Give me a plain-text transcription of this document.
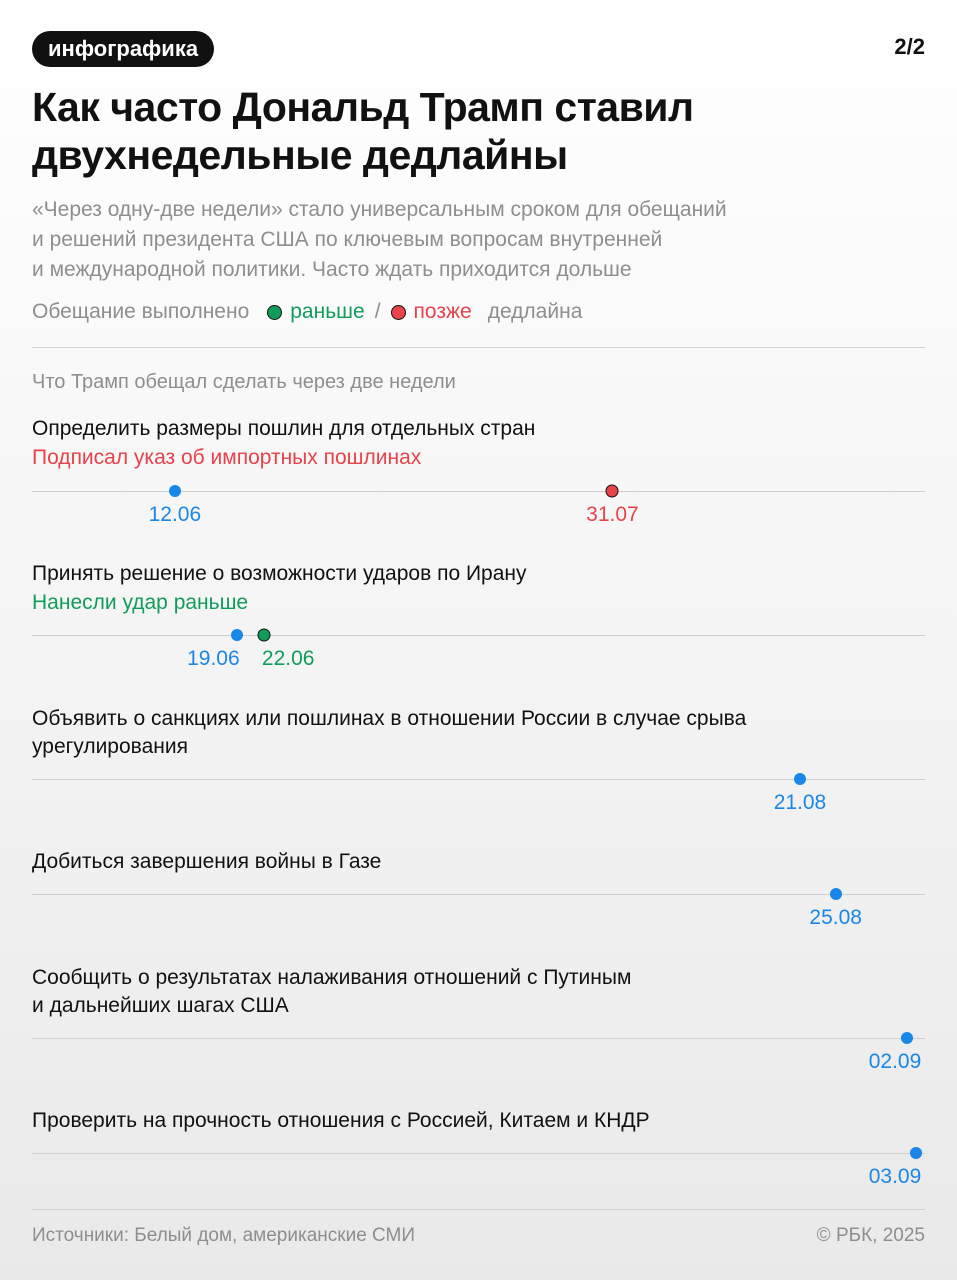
инфографика	2/2
Как часто Дональд Трамп ставил двухнедельные дедлайны
«Через одну-две недели» стало универсальным сроком для обещаний
и решений президента США по ключевым вопросам внутренней
и международной политики. Часто ждать приходится дольше
Обещание выполнено раньше / позже дедлайна
Что Трамп обещал сделать через две недели
Определить размеры пошлин для отдельных стран
Подписал указ об импортных пошлинах
12.06	31.07
Принять решение о возможности ударов по Ирану
Нанесли удар раньше
19.06 22.06
Объявить о санкциях или пошлинах в отношении России в случае срыва
урегулирования
21.08
Добиться завершения войны в Газе
25.08
Сообщить о результатах налаживания отношений с Путиным
и дальнейших шагах США
02.09
Проверить на прочность отношения с Россией, Китаем и КНДР
03.09
Источники: Белый дом, американские СМИ	© РБК, 2025
